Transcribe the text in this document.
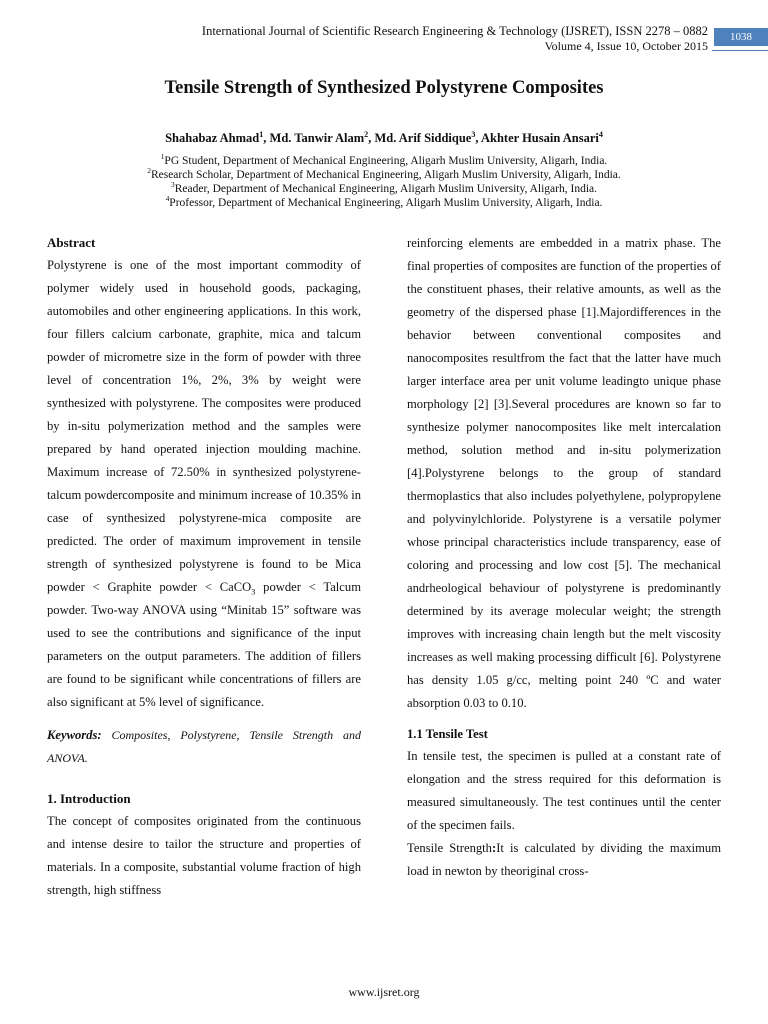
International Journal of Scientific Research Engineering & Technology (IJSRET), ISSN 2278 – 0882
Volume 4, Issue 10, October 2015
1038
Tensile Strength of Synthesized Polystyrene Composites
Shahabaz Ahmad$^1$, Md. Tanwir Alam$^2$, Md. Arif Siddique$^3$, Akhter Husain Ansari$^4$
$^1$PG Student, Department of Mechanical Engineering, Aligarh Muslim University, Aligarh, India.
$^2$Research Scholar, Department of Mechanical Engineering, Aligarh Muslim University, Aligarh, India.
$^3$Reader, Department of Mechanical Engineering, Aligarh Muslim University, Aligarh, India.
$^4$Professor, Department of Mechanical Engineering, Aligarh Muslim University, Aligarh, India.

Abstract

Polystyrene is one of the most important commodity of polymer widely used in household goods, packaging, automobiles and other engineering applications. In this work, four fillers calcium carbonate, graphite, mica and talcum powder of micrometre size in the form of powder with three level of concentration 1%, 2%, 3% by weight were synthesized with polystyrene. The composites were produced by in-situ polymerization method and the samples were prepared by hand operated injection moulding machine. Maximum increase of 72.50% in synthesized polystyrene-talcum powdercomposite and minimum increase of 10.35% in case of synthesized polystyrene-mica composite are predicted. The order of maximum improvement in tensile strength of synthesized polystyrene is found to be Mica powder < Graphite powder < CaCO$_3$ powder < Talcum powder. Two-way ANOVA using “Minitab 15” software was used to see the contributions and significance of the input parameters on the output parameters. The addition of fillers are found to be significant while concentrations of fillers are also significant at 5% level of significance.

Keywords: Composites, Polystyrene, Tensile Strength and ANOVA.

1. Introduction

The concept of composites originated from the continuous and intense desire to tailor the structure and properties of materials. In a composite, substantial volume fraction of high strength, high stiffness

reinforcing elements are embedded in a matrix phase. The final properties of composites are function of the properties of the constituent phases, their relative amounts, as well as the geometry of the dispersed phase [1].Majordifferences in the behavior between conventional composites and nanocomposites resultfrom the fact that the latter have much larger interface area per unit volume leadingto unique phase morphology [2] [3].Several procedures are known so far to synthesize polymer nanocomposites like melt intercalation method, solution method and in-situ polymerization [4].Polystyrene belongs to the group of standard thermoplastics that also includes polyethylene, polypropylene and polyvinylchloride. Polystyrene is a versatile polymer whose principal characteristics include transparency, ease of coloring and processing and low cost [5]. The mechanical andrheological behaviour of polystyrene is predominantly determined by its average molecular weight; the strength improves with increasing chain length but the melt viscosity increases as well making processing difficult [6]. Polystyrene has density 1.05 g/cc, melting point 240 ºC and water absorption 0.03 to 0.10.

1.1 Tensile Test

In tensile test, the specimen is pulled at a constant rate of elongation and the stress required for this deformation is measured simultaneously. The test continues until the center of the specimen fails.

Tensile Strength:It is calculated by dividing the maximum load in newton by theoriginal cross-

www.ijsret.org
